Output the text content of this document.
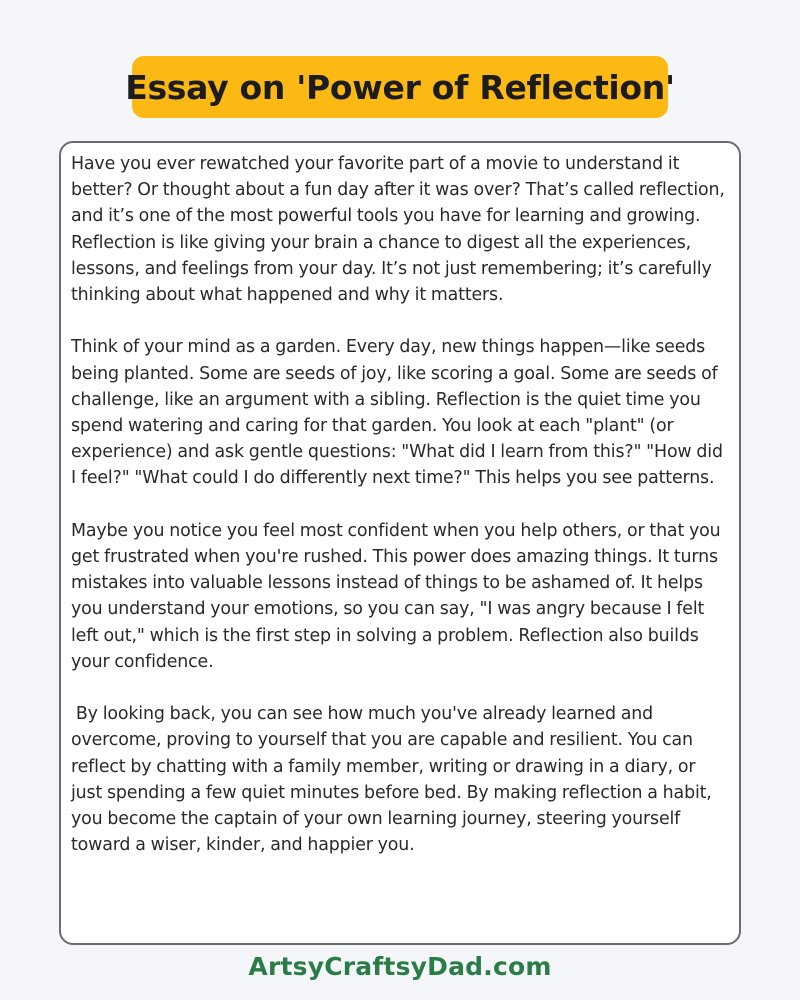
Essay on 'Power of Reflection'

Have you ever rewatched your favorite part of a movie to understand it better? Or thought about a fun day after it was over? That’s called reflection, and it’s one of the most powerful tools you have for learning and growing. Reflection is like giving your brain a chance to digest all the experiences, lessons, and feelings from your day. It’s not just remembering; it’s carefully thinking about what happened and why it matters.

Think of your mind as a garden. Every day, new things happen—like seeds being planted. Some are seeds of joy, like scoring a goal. Some are seeds of challenge, like an argument with a sibling. Reflection is the quiet time you spend watering and caring for that garden. You look at each "plant" (or experience) and ask gentle questions: "What did I learn from this?" "How did I feel?" "What could I do differently next time?" This helps you see patterns.

Maybe you notice you feel most confident when you help others, or that you get frustrated when you're rushed. This power does amazing things. It turns mistakes into valuable lessons instead of things to be ashamed of. It helps you understand your emotions, so you can say, "I was angry because I felt left out," which is the first step in solving a problem. Reflection also builds your confidence.

By looking back, you can see how much you've already learned and overcome, proving to yourself that you are capable and resilient. You can reflect by chatting with a family member, writing or drawing in a diary, or just spending a few quiet minutes before bed. By making reflection a habit, you become the captain of your own learning journey, steering yourself toward a wiser, kinder, and happier you.

ArtsyCraftsyDad.com
